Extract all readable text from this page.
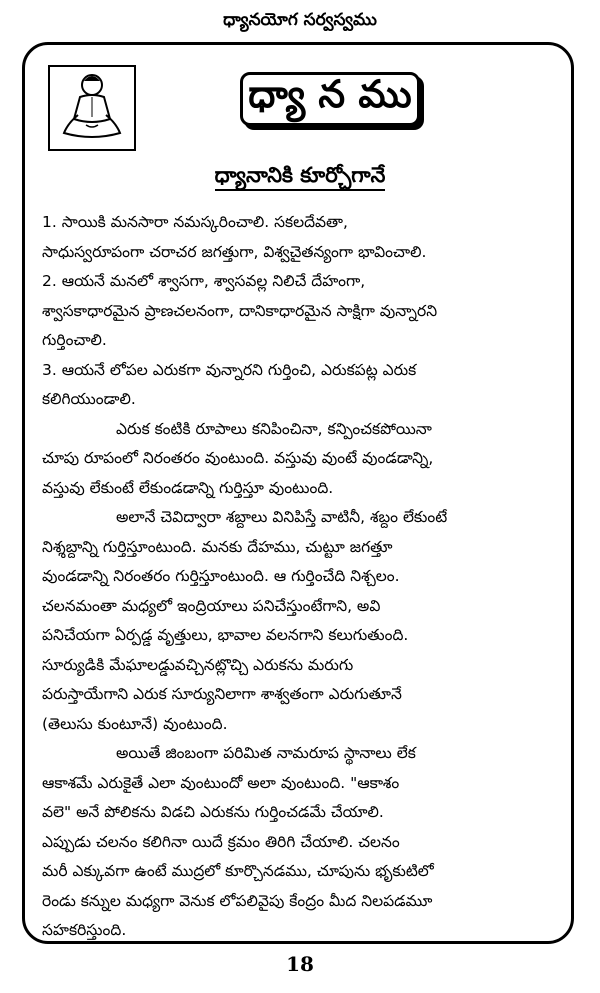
ధ్యానయోగ సర్వస్వము
ధ్యా న ము
ధ్యానానికి కూర్చోగానే
1. సాయికి మనసారా నమస్కరించాలి. సకలదేవతా,
సాధుస్వరూపంగా చరాచర జగత్తుగా, విశ్వచైతన్యంగా భావించాలి.
2. ఆయనే మనలో శ్వాసగా, శ్వాసవల్ల నిలిచే దేహంగా,
శ్వాసకాధారమైన ప్రాణచలనంగా, దానికాధారమైన సాక్షిగా వున్నారని
గుర్తించాలి.
3. ఆయనే లోపల ఎరుకగా వున్నారని గుర్తించి, ఎరుకపట్ల ఎరుక
కలిగియుండాలి.
ఎరుక కంటికి రూపాలు కనిపించినా, కన్పించకపోయినా
చూపు రూపంలో నిరంతరం వుంటుంది. వస్తువు వుంటే వుండడాన్ని,
వస్తువు లేకుంటే లేకుండడాన్ని గుర్తిస్తూ వుంటుంది.
అలానే చెవిద్వారా శబ్దాలు వినిపిస్తే వాటినీ, శబ్దం లేకుంటే
నిశ్శబ్దాన్ని గుర్తిస్తూంటుంది. మనకు దేహము, చుట్టూ జగత్తూ
వుండడాన్ని నిరంతరం గుర్తిస్తూంటుంది. ఆ గుర్తించేది నిశ్చలం.
చలనమంతా మధ్యలో ఇంద్రియాలు పనిచేస్తుంటేగాని, అవి
పనిచేయగా ఏర్పడ్డ వృత్తులు, భావాల వలనగాని కలుగుతుంది.
సూర్యుడికి మేఘాలడ్డువచ్చినట్లొచ్చి ఎరుకను మరుగు
పరుస్తాయేగాని ఎరుక సూర్యునిలాగా శాశ్వతంగా ఎరుగుతూనే
(తెలుసు కుంటూనే) వుంటుంది.
అయితే జింబంగా పరిమిత నామరూప స్థానాలు లేక
ఆకాశమే ఎరుకైతే ఎలా వుంటుందో అలా వుంటుంది. "ఆకాశం
వలె" అనే పోలికను విడచి ఎరుకను గుర్తించడమే చేయాలి.
ఎప్పుడు చలనం కలిగినా యిదే క్రమం తిరిగి చేయాలి. చలనం
మరీ ఎక్కువగా ఉంటే ముద్రలో కూర్చొనడము, చూపును భృకుటిలో
రెండు కన్నుల మధ్యగా వెనుక లోపలివైపు కేంద్రం మీద నిలపడమూ
సహకరిస్తుంది.
18
